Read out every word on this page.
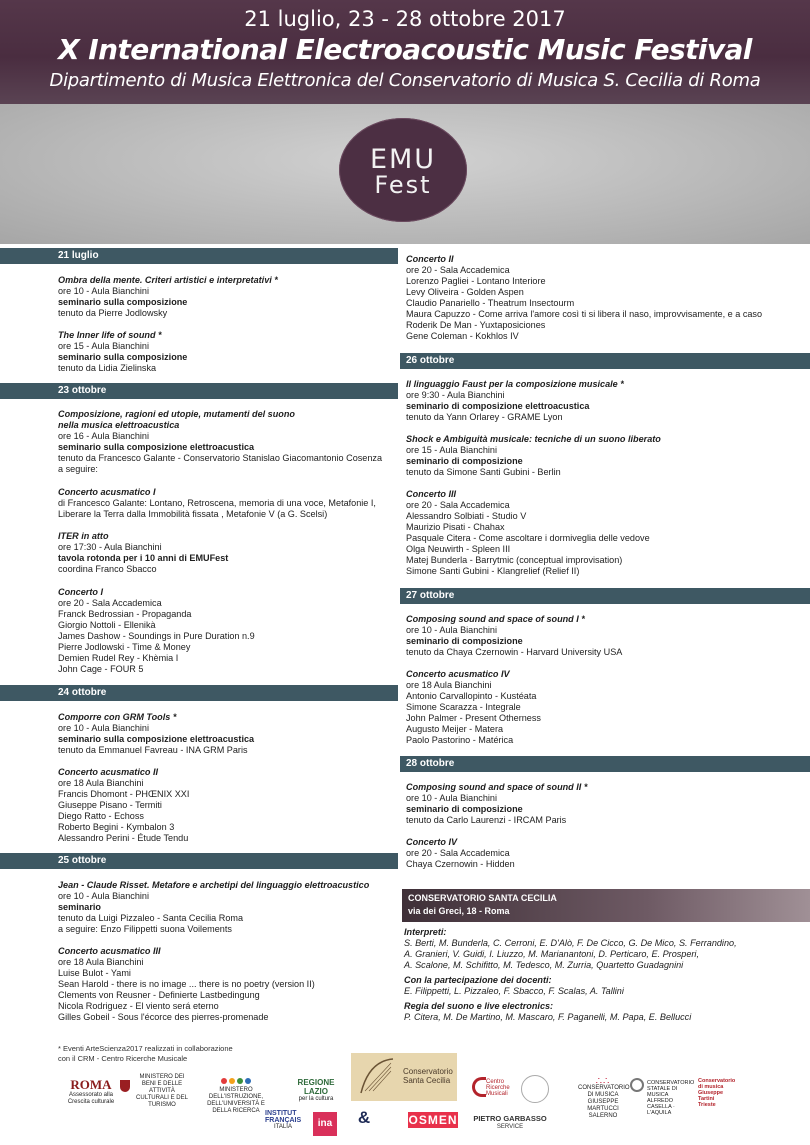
21 luglio, 23 - 28 ottobre 2017
X International Electroacoustic Music Festival
Dipartimento di Musica Elettronica del Conservatorio di Musica S. Cecilia di Roma
EMU
Fest
21 luglio
Ombra della mente. Criteri artistici e interpretativi *
ore 10 - Aula Bianchini
seminario sulla composizione
tenuto da Pierre Jodlowsky
The Inner life of sound *
ore 15 - Aula Bianchini
seminario sulla composizione
tenuto da Lidia Zielinska
23 ottobre
Composizione, ragioni ed utopie, mutamenti del suono
nella musica elettroacustica
ore 16 - Aula Bianchini
seminario sulla composizione elettroacustica
tenuto da Francesco Galante - Conservatorio Stanislao Giacomantonio Cosenza
a seguire:
Concerto acusmatico I
di Francesco Galante: Lontano, Retroscena, memoria di una voce, Metafonie I,
Liberare la Terra dalla Immobilità fissata , Metafonie V (a G. Scelsi)
ITER in atto
ore 17:30 - Aula Bianchini
tavola rotonda per i 10 anni di EMUFest
coordina Franco Sbacco
Concerto I
ore 20 - Sala Accademica
Franck Bedrossian - Propaganda
Giorgio Nottoli - Ellenikà
James Dashow - Soundings in Pure Duration n.9
Pierre Jodlowski - Time & Money
Demien Rudel Rey - Khèmia I
John Cage - FOUR 5
24 ottobre
Comporre con GRM Tools *
ore 10 - Aula Bianchini
seminario sulla composizione elettroacustica
tenuto da Emmanuel Favreau - INA GRM Paris
Concerto acusmatico II
ore 18 Aula Bianchini
Francis Dhomont - PHŒNIX XXI
Giuseppe Pisano - Termiti
Diego Ratto - Echoss
Roberto Begini - Kymbalon 3
Alessandro Perini - Étude Tendu
25 ottobre
Jean - Claude Risset. Metafore e archetipi del linguaggio elettroacustico
ore 10 - Aula Bianchini
seminario
tenuto da Luigi Pizzaleo - Santa Cecilia Roma
a seguire: Enzo Filippetti suona Voilements
Concerto acusmatico III
ore 18 Aula Bianchini
Luise Bulot - Yami
Sean Harold - there is no image ... there is no poetry (version II)
Clements von Reusner - Definierte Lastbedingung
Nicola Rodriguez - El viento será eterno
Gilles Gobeil - Sous l'écorce des pierres-promenade
Concerto II
ore 20 - Sala Accademica
Lorenzo Pagliei - Lontano Interiore
Levy Oliveira - Golden Aspen
Claudio Panariello - Theatrum Insectourm
Maura Capuzzo - Come arriva l'amore così ti si libera il naso, improvvisamente, e a caso
Roderik De Man - Yuxtaposiciones
Gene Coleman - Kokhlos IV
26 ottobre
Il linguaggio Faust per la composizione musicale *
ore 9:30 - Aula Bianchini
seminario di composizione elettroacustica
tenuto da Yann Orlarey - GRAME Lyon
Shock e Ambiguità musicale: tecniche di un suono liberato
ore 15 - Aula Bianchini
seminario di composizione
tenuto da Simone Santi Gubini - Berlin
Concerto III
ore 20 - Sala Accademica
Alessandro Solbiati - Studio V
Maurizio Pisati - Chahax
Pasquale Citera - Come ascoltare i dormiveglia delle vedove
Olga Neuwirth - Spleen III
Matej Bunderla - Barrytmic (conceptual improvisation)
Simone Santi Gubini - Klangrelief (Relief II)
27 ottobre
Composing sound and space of sound I *
ore 10 - Aula Bianchini
seminario di composizione
tenuto da Chaya Czernowin - Harvard University USA
Concerto acusmatico IV
ore 18 Aula Bianchini
Antonio Carvallopinto - Kustéata
Simone Scarazza - Integrale
John Palmer - Present Otherness
Augusto Meijer - Matera
Paolo Pastorino - Matérica
28 ottobre
Composing sound and space of sound II *
ore 10 - Aula Bianchini
seminario di composizione
tenuto da Carlo Laurenzi - IRCAM Paris
Concerto IV
ore 20 - Sala Accademica
Chaya Czernowin - Hidden
CONSERVATORIO SANTA CECILIA
via dei Greci, 18 - Roma
Interpreti:
S. Berti, M. Bunderla, C. Cerroni, E. D'Alò, F. De Cicco, G. De Mico, S. Ferrandino,
A. Granieri, V. Guidi, I. Liuzzo, M. Marianantoni, D. Perticaro, E. Prosperi,
A. Scalone, M. Schifitto, M. Tedesco, M. Zurria, Quartetto Guadagnini
Con la partecipazione dei docenti:
E. Filippetti, L. Pizzaleo, F. Sbacco, F. Scalas, A. Tallini
Regia del suono e live electronics:
P. Citera, M. De Martino, M. Mascaro, F. Paganelli, M. Papa, E. Bellucci
* Eventi ArteScienza2017 realizzati in collaborazione
con il CRM - Centro Ricerche Musicale
ROMA
Assessorato alla Crescita culturale
MINISTERO DEI BENI E DELLE ATTIVITÀ CULTURALI E DEL TURISMO
MINISTERO DELL'ISTRUZIONE, DELL'UNIVERSITÀ E DELLA RICERCA
REGIONE LAZIO
per la cultura
Conservatorio
Santa Cecilia	Centro
Ricerche
Musicali
∴∴
CONSERVATORIO DI MUSICA GIUSEPPE MARTUCCI SALERNO
CONSERVATORIO
STATALE DI MUSICA
ALFREDO CASELLA · L'AQUILA
Conservatorio
di musica
Giuseppe
Tartini
Trieste
INSTITUT
FRANÇAIS
ITALIA	ina	&	OSMEN	PIETRO GARBASSO
SERVICE
